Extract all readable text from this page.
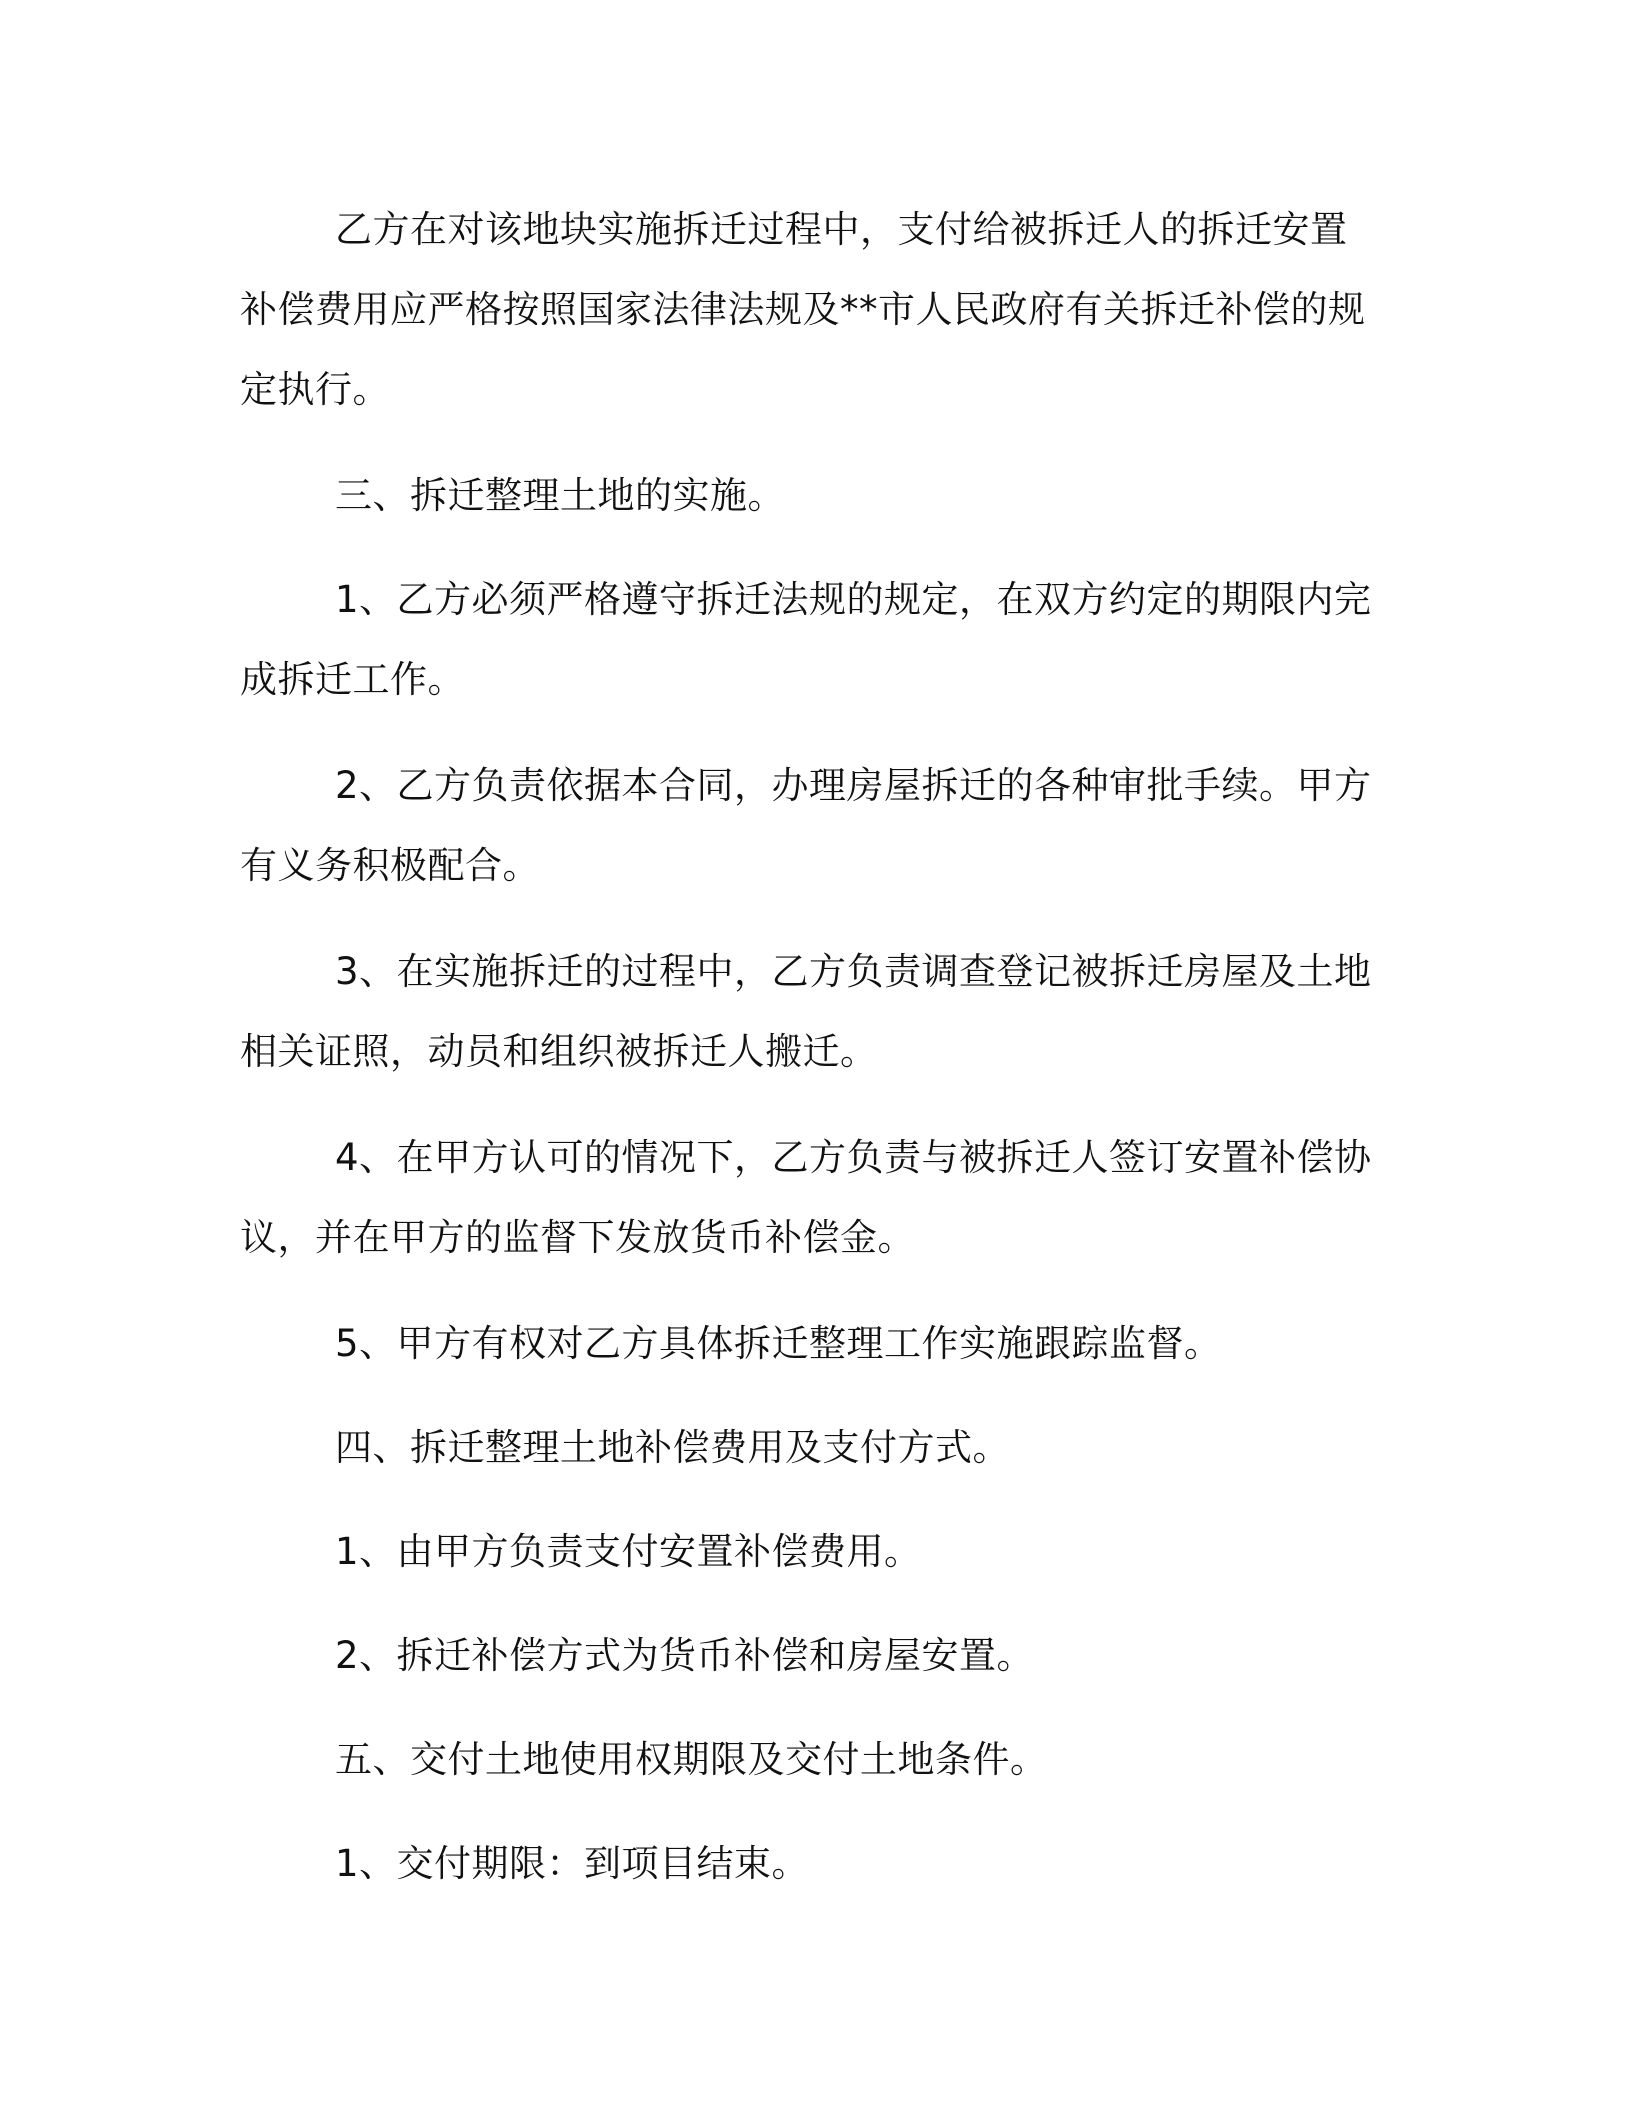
乙方在对该地块实施拆迁过程中，支付给被拆迁人的拆迁安置补偿费用应严格按照国家法律法规及**市人民政府有关拆迁补偿的规定执行。

三、拆迁整理土地的实施。

1、乙方必须严格遵守拆迁法规的规定，在双方约定的期限内完成拆迁工作。

2、乙方负责依据本合同，办理房屋拆迁的各种审批手续。甲方有义务积极配合。

3、在实施拆迁的过程中，乙方负责调查登记被拆迁房屋及土地相关证照，动员和组织被拆迁人搬迁。

4、在甲方认可的情况下，乙方负责与被拆迁人签订安置补偿协议，并在甲方的监督下发放货币补偿金。

5、甲方有权对乙方具体拆迁整理工作实施跟踪监督。

四、拆迁整理土地补偿费用及支付方式。

1、由甲方负责支付安置补偿费用。

2、拆迁补偿方式为货币补偿和房屋安置。

五、交付土地使用权期限及交付土地条件。

1、交付期限：到项目结束。
